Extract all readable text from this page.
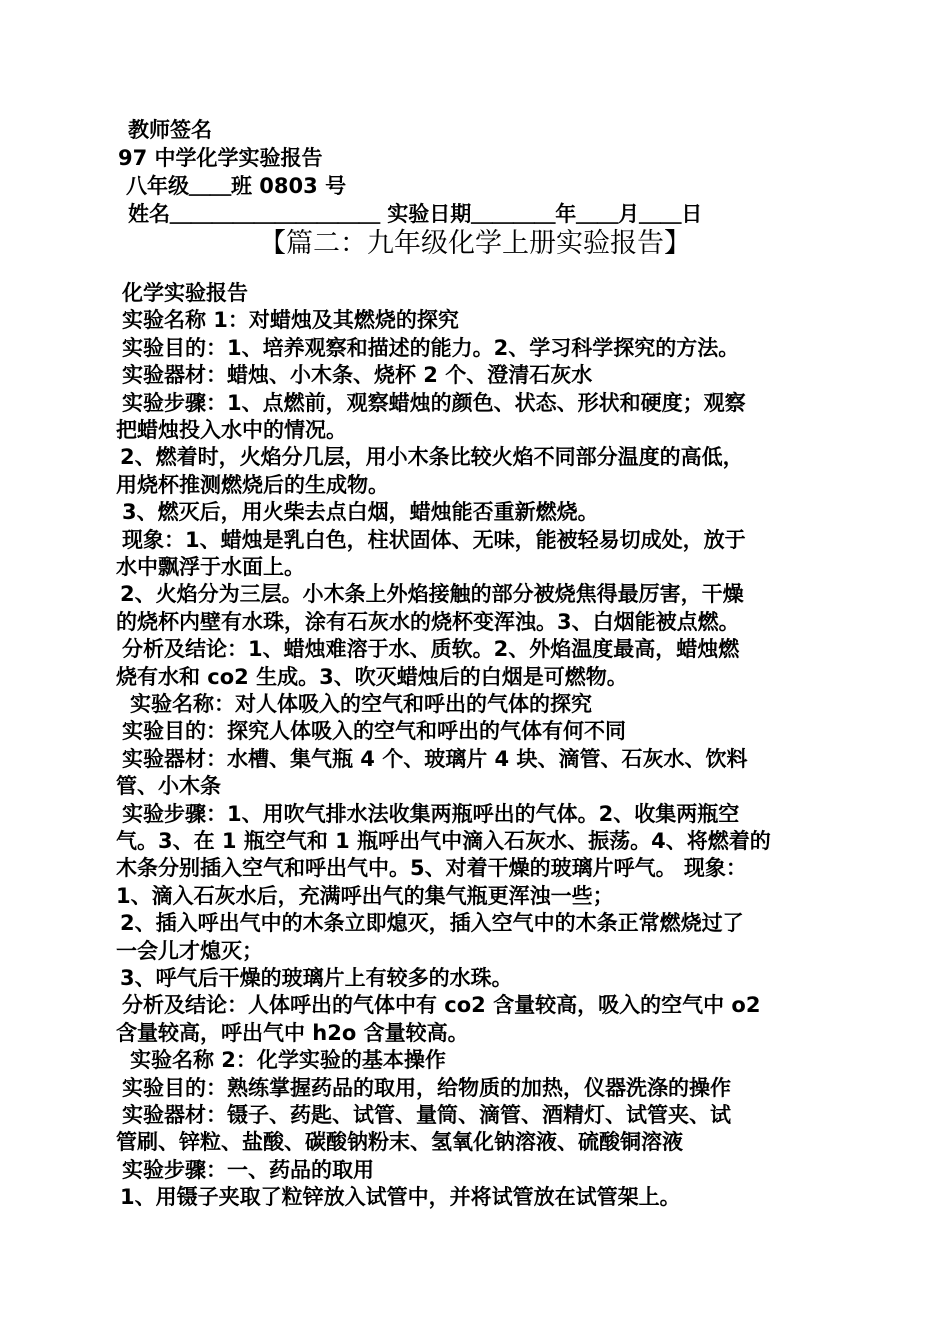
教师签名
97 中学化学实验报告
八年级＿＿班 0803 号
姓名＿＿＿＿＿＿＿＿＿＿ 实验日期＿＿＿＿年＿＿月＿＿日
【篇二：九年级化学上册实验报告】
化学实验报告
实验名称 1：对蜡烛及其燃烧的探究
实验目的：1、培养观察和描述的能力。2、学习科学探究的方法。
实验器材：蜡烛、小木条、烧杯 2 个、澄清石灰水
实验步骤：1、点燃前，观察蜡烛的颜色、状态、形状和硬度；观察
把蜡烛投入水中的情况。
2、燃着时，火焰分几层，用小木条比较火焰不同部分温度的高低，
用烧杯推测燃烧后的生成物。
3、燃灭后，用火柴去点白烟，蜡烛能否重新燃烧。
现象：1、蜡烛是乳白色，柱状固体、无味，能被轻易切成处，放于
水中飘浮于水面上。
2、火焰分为三层。小木条上外焰接触的部分被烧焦得最厉害，干燥
的烧杯内壁有水珠，涂有石灰水的烧杯变浑浊。3、白烟能被点燃。
分析及结论：1、蜡烛难溶于水、质软。2、外焰温度最高，蜡烛燃
烧有水和 co2 生成。3、吹灭蜡烛后的白烟是可燃物。
实验名称：对人体吸入的空气和呼出的气体的探究
实验目的：探究人体吸入的空气和呼出的气体有何不同
实验器材：水槽、集气瓶 4 个、玻璃片 4 块、滴管、石灰水、饮料
管、小木条
实验步骤：1、用吹气排水法收集两瓶呼出的气体。2、收集两瓶空
气。3、在 1 瓶空气和 1 瓶呼出气中滴入石灰水、振荡。4、将燃着的
木条分别插入空气和呼出气中。5、对着干燥的玻璃片呼气。 现象：
1、滴入石灰水后，充满呼出气的集气瓶更浑浊一些；
2、插入呼出气中的木条立即熄灭，插入空气中的木条正常燃烧过了
一会儿才熄灭；
3、呼气后干燥的玻璃片上有较多的水珠。
分析及结论：人体呼出的气体中有 co2 含量较高，吸入的空气中 o2
含量较高，呼出气中 h2o 含量较高。
实验名称 2：化学实验的基本操作
实验目的：熟练掌握药品的取用，给物质的加热，仪器洗涤的操作
实验器材：镊子、药匙、试管、量筒、滴管、酒精灯、试管夹、试
管刷、锌粒、盐酸、碳酸钠粉末、氢氧化钠溶液、硫酸铜溶液
实验步骤：一、药品的取用
1、用镊子夹取了粒锌放入试管中，并将试管放在试管架上。
